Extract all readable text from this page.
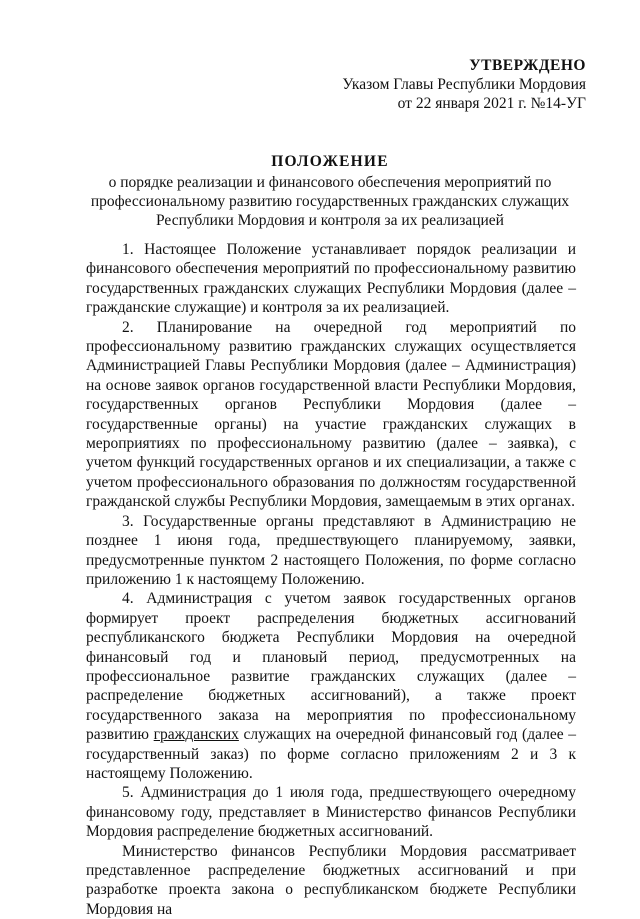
УТВЕРЖДЕНО
Указом Главы Республики Мордовия
от 22 января 2021 г. №14-УГ
ПОЛОЖЕНИЕ
о порядке реализации и финансового обеспечения мероприятий по
профессиональному развитию государственных гражданских служащих
Республики Мордовия и контроля за их реализацией

1. Настоящее Положение устанавливает порядок реализации и финансового обеспечения мероприятий по профессиональному развитию государственных гражданских служащих Республики Мордовия (далее – гражданские служащие) и контроля за их реализацией.

2. Планирование на очередной год мероприятий по профессиональному развитию гражданских служащих осуществляется Администрацией Главы Республики Мордовия (далее – Администрация) на основе заявок органов государственной власти Республики Мордовия, государственных органов Республики Мордовия (далее – государственные органы) на участие гражданских служащих в мероприятиях по профессиональному развитию (далее – заявка), с учетом функций государственных органов и их специализации, а также с учетом профессионального образования по должностям государственной гражданской службы Республики Мордовия, замещаемым в этих органах.

3. Государственные органы представляют в Администрацию не позднее 1 июня года, предшествующего планируемому, заявки, предусмотренные пунктом 2 настоящего Положения, по форме согласно приложению 1 к настоящему Положению.

4. Администрация с учетом заявок государственных органов формирует проект распределения бюджетных ассигнований республиканского бюджета Республики Мордовия на очередной финансовый год и плановый период, предусмотренных на профессиональное развитие гражданских служащих (далее – распределение бюджетных ассигнований), а также проект государственного заказа на мероприятия по профессиональному развитию гражданских служащих на очередной финансовый год (далее – государственный заказ) по форме согласно приложениям 2 и 3 к настоящему Положению.

5. Администрация до 1 июля года, предшествующего очередному финансовому году, представляет в Министерство финансов Республики Мордовия распределение бюджетных ассигнований.

Министерство финансов Республики Мордовия рассматривает представленное распределение бюджетных ассигнований и при разработке проекта закона о республиканском бюджете Республики Мордовия на
